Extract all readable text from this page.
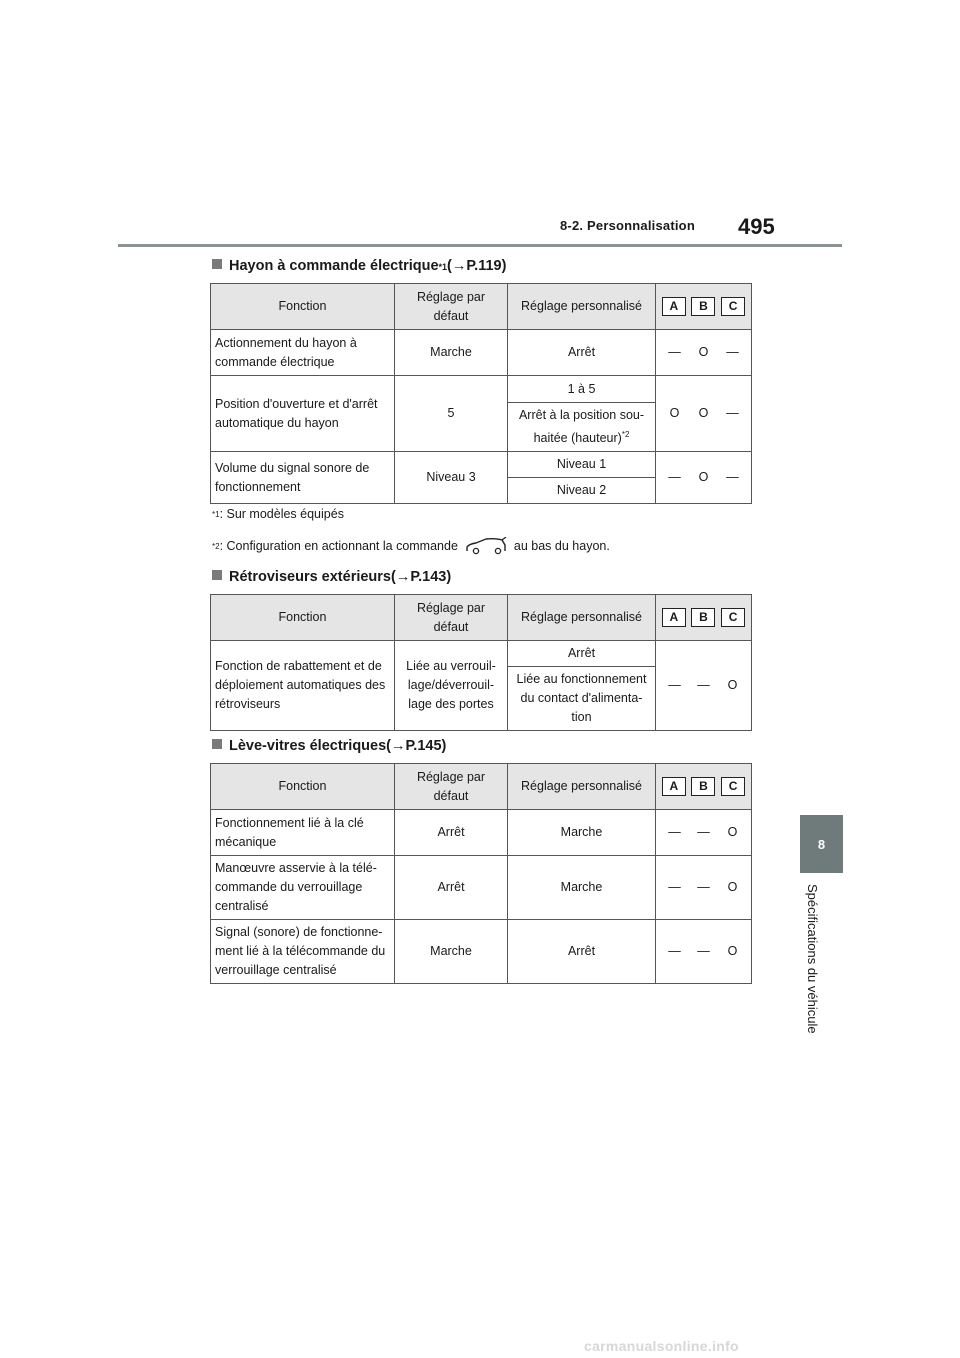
8-2. Personnalisation 495
8
Spécifications du véhicule
Hayon à commande électrique *1 (→P.119)
Fonction	Réglage par défaut	Réglage personnalisé	A B C

Actionnement du hayon à commande électrique	Marche	Arrêt	— O —

Position d'ouverture et d'arrêt automatique du hayon	5	1 à 5	O O —

		Arrêt à la position sou-haitée (hauteur)$^{*2}$
Volume du signal sonore de fonctionnement	Niveau 3	Niveau 1	— O —

		Niveau 2	
*1 : Sur modèles équipés
*2 : Configuration en actionnant la commande	au bas du hayon.
Rétroviseurs extérieurs (→P.143)
Fonction	Réglage par défaut	Réglage personnalisé	A B C

Fonction de rabattement et de déploiement automatiques des rétroviseurs	Liée au verrouil-lage/déverrouil-lage des portes	Arrêt	— — O

		Liée au fonctionnement du contact d'alimenta-tion	
Lève-vitres électriques (→P.145)
Fonction	Réglage par défaut	Réglage personnalisé	A B C

Fonctionnement lié à la clé mécanique	Arrêt	Marche	— — O

Manœuvre asservie à la télé-commande du verrouillage centralisé	Arrêt	Marche	— — O

Signal (sonore) de fonctionne-ment lié à la télécommande du verrouillage centralisé	Marche	Arrêt	— — O
carmanualsonline.info
